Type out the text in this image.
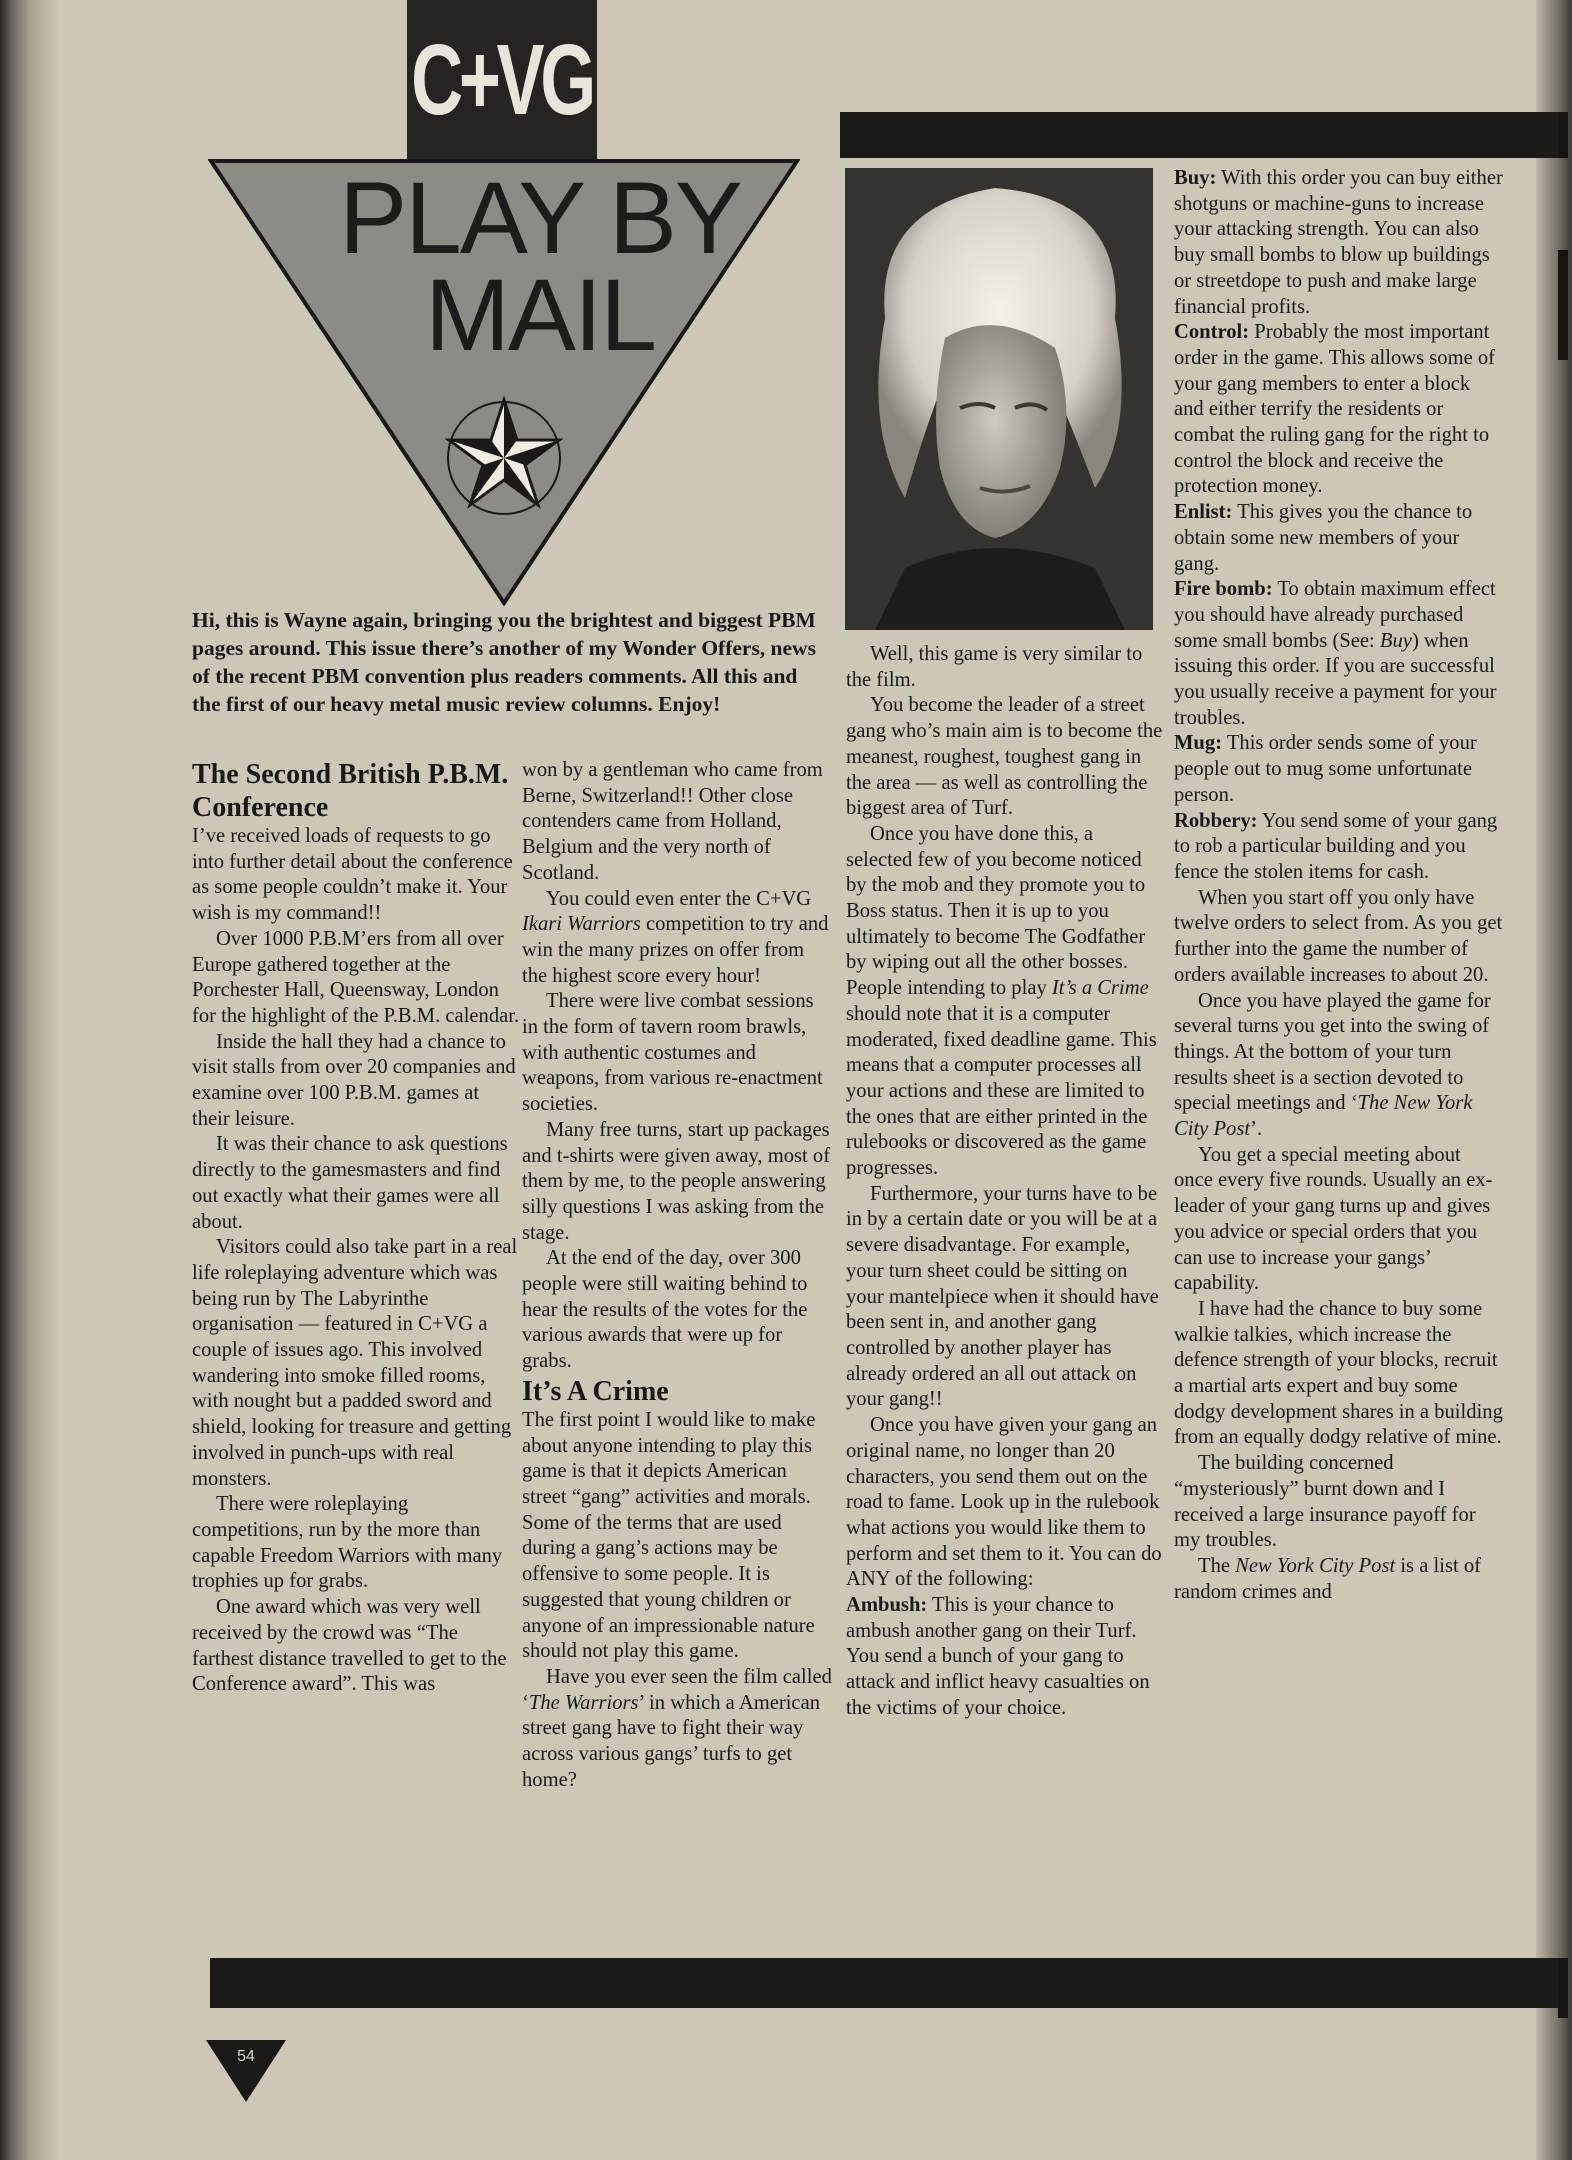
C+VG
PLAY BY
MAIL
54
Hi, this is Wayne again, bringing you the brightest and biggest PBM pages around. This issue there’s another of my Wonder Offers, news of the recent PBM convention plus readers comments. All this and the first of our heavy metal music review columns. Enjoy!
The Second British P.B.M. Conference

I’ve received loads of requests to go into further detail about the conference as some people couldn’t make it. Your wish is my command!!

Over 1000 P.B.M’ers from all over Europe gathered together at the Porchester Hall, Queensway, London for the highlight of the P.B.M. calendar.

Inside the hall they had a chance to visit stalls from over 20 companies and examine over 100 P.B.M. games at their leisure.

It was their chance to ask questions directly to the gamesmasters and find out exactly what their games were all about.

Visitors could also take part in a real life roleplaying adventure which was being run by The Labyrinthe organisation — featured in C+VG a couple of issues ago. This involved wandering into smoke filled rooms, with nought but a padded sword and shield, looking for treasure and getting involved in punch-ups with real monsters.

There were roleplaying competitions, run by the more than capable Freedom Warriors with many trophies up for grabs.

One award which was very well received by the crowd was “The farthest distance travelled to get to the Conference award”. This was

won by a gentleman who came from Berne, Switzerland!! Other close contenders came from Holland, Belgium and the very north of Scotland.

You could even enter the C+VG Ikari Warriors competition to try and win the many prizes on offer from the highest score every hour!

There were live combat sessions in the form of tavern room brawls, with authentic costumes and weapons, from various re-enactment societies.

Many free turns, start up packages and t-shirts were given away, most of them by me, to the people answering silly questions I was asking from the stage.

At the end of the day, over 300 people were still waiting behind to hear the results of the votes for the various awards that were up for grabs.

It’s A Crime

The first point I would like to make about anyone intending to play this game is that it depicts American street “gang” activities and morals. Some of the terms that are used during a gang’s actions may be offensive to some people. It is suggested that young children or anyone of an impressionable nature should not play this game.

Have you ever seen the film called ‘The Warriors’ in which a American street gang have to fight their way across various gangs’ turfs to get home?

Well, this game is very similar to the film.

You become the leader of a street gang who’s main aim is to become the meanest, roughest, toughest gang in the area — as well as controlling the biggest area of Turf.

Once you have done this, a selected few of you become noticed by the mob and they promote you to Boss status. Then it is up to you ultimately to become The Godfather by wiping out all the other bosses. People intending to play It’s a Crime should note that it is a computer moderated, fixed deadline game. This means that a computer processes all your actions and these are limited to the ones that are either printed in the rulebooks or discovered as the game progresses.

Furthermore, your turns have to be in by a certain date or you will be at a severe disadvantage. For example, your turn sheet could be sitting on your mantelpiece when it should have been sent in, and another gang controlled by another player has already ordered an all out attack on your gang!!

Once you have given your gang an original name, no longer than 20 characters, you send them out on the road to fame. Look up in the rulebook what actions you would like them to perform and set them to it. You can do ANY of the following:

Ambush: This is your chance to ambush another gang on their Turf. You send a bunch of your gang to attack and inflict heavy casualties on the victims of your choice.

Buy: With this order you can buy either shotguns or machine-guns to increase your attacking strength. You can also buy small bombs to blow up buildings or streetdope to push and make large financial profits.

Control: Probably the most important order in the game. This allows some of your gang members to enter a block and either terrify the residents or combat the ruling gang for the right to control the block and receive the protection money.

Enlist: This gives you the chance to obtain some new members of your gang.

Fire bomb: To obtain maximum effect you should have already purchased some small bombs (See: Buy) when issuing this order. If you are successful you usually receive a payment for your troubles.

Mug: This order sends some of your people out to mug some unfortunate person.

Robbery: You send some of your gang to rob a particular building and you fence the stolen items for cash.

When you start off you only have twelve orders to select from. As you get further into the game the number of orders available increases to about 20.

Once you have played the game for several turns you get into the swing of things. At the bottom of your turn results sheet is a section devoted to special meetings and ‘The New York City Post’.

You get a special meeting about once every five rounds. Usually an ex-leader of your gang turns up and gives you advice or special orders that you can use to increase your gangs’ capability.

I have had the chance to buy some walkie talkies, which increase the defence strength of your blocks, recruit a martial arts expert and buy some dodgy development shares in a building from an equally dodgy relative of mine.

The building concerned “mysteriously” burnt down and I received a large insurance payoff for my troubles.

The New York City Post is a list of random crimes and
